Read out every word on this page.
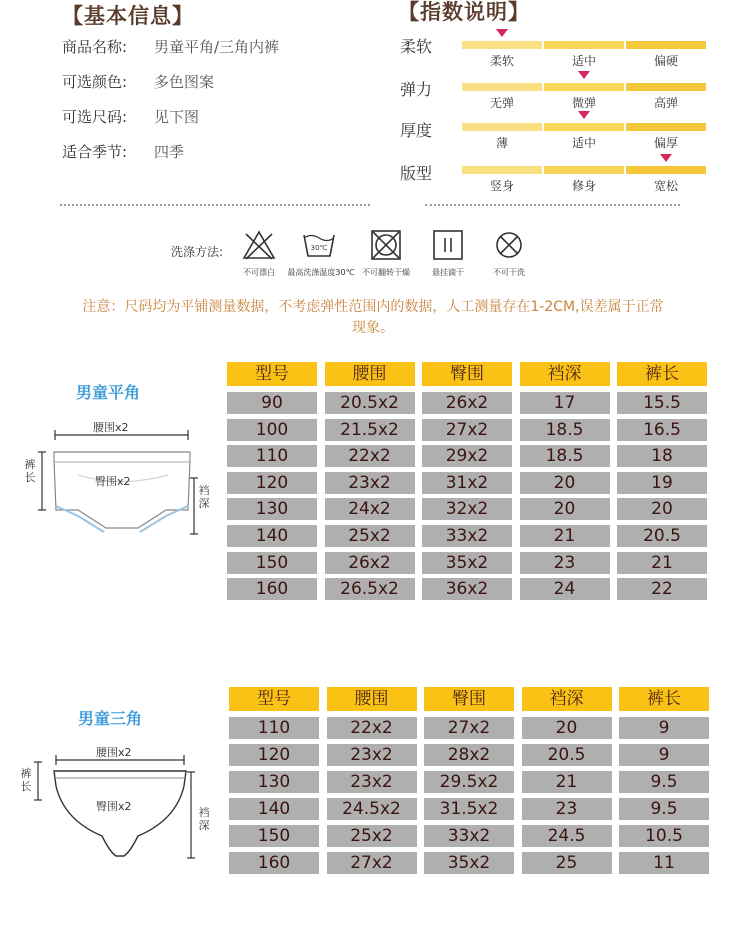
【基本信息】
商品名称: 男童平角/三角内裤
可选颜色: 多色图案
可选尺码: 见下图
适合季节: 四季
【指数说明】
柔软
柔软	适中	偏硬
弹力
无弹	微弹	高弹
厚度
薄	适中	偏厚
版型
竖身	修身	宽松
洗涤方法:
不可漂白
30℃
最高洗涤温度30℃ 不可翻转干燥	悬挂滴干	不可干洗
注意：尺码均为平铺测量数据，不考虑弹性范围内的数据，人工测量存在1-2CM,误差属于正常现象。
男童平角
腰围x2
臀围x2
裤长
裆深
型号	腰围	臀围	裆深	裤长
90	20.5x2	26x2	17	15.5
100	21.5x2	27x2	18.5	16.5
110	22x2	29x2	18.5	18
120	23x2	31x2	20	19
130	24x2	32x2	20	20
140	25x2	33x2	21	20.5
150	26x2	35x2	23	21
160	26.5x2	36x2	24	22
男童三角
腰围x2
臀围x2
裤长
裆深
型号	腰围	臀围	裆深	裤长
110	22x2	27x2	20	9
120	23x2	28x2	20.5	9
130	23x2	29.5x2	21	9.5
140	24.5x2	31.5x2	23	9.5
150	25x2	33x2	24.5	10.5
160	27x2	35x2	25	11
